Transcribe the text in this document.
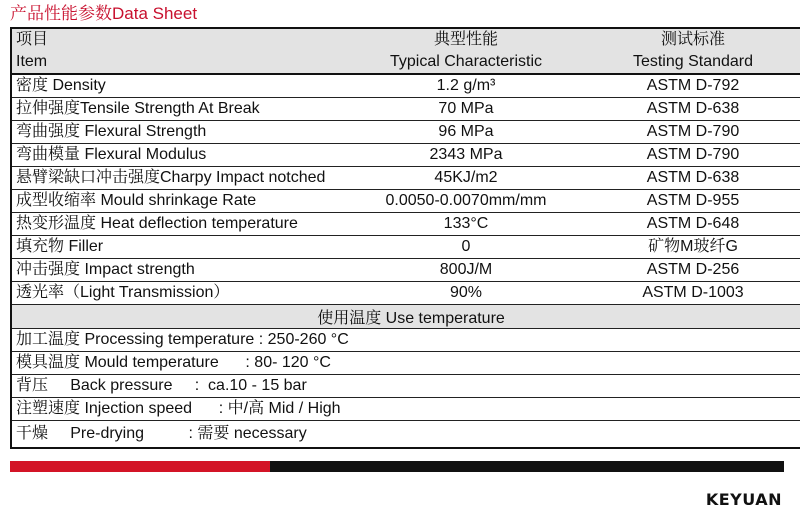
产品性能参数Data Sheet
项目	典型性能	测试标准
Item	Typical Characteristic	Testing Standard
密度 Density	1.2 g/m³	ASTM D-792
拉伸强度Tensile Strength At Break	70 MPa	ASTM D-638
弯曲强度 Flexural Strength	96 MPa	ASTM D-790
弯曲模量 Flexural Modulus	2343 MPa	ASTM D-790
悬臂梁缺口冲击强度Charpy Impact notched	45KJ/m2	ASTM D-638
成型收缩率 Mould shrinkage Rate	0.0050-0.0070mm/mm	ASTM D-955
热变形温度 Heat deflection temperature	133°C	ASTM D-648
填充物 Filler	0	矿物M玻纤G
冲击强度 Impact strength	800J/M	ASTM D-256
透光率（Light Transmission）	90%	ASTM D-1003
使用温度 Use temperature		
加工温度 Processing temperature : 250-260 °C		
模具温度 Mould temperature      : 80- 120 °C		
背压     Back pressure     :  ca.10 - 15 bar		
注塑速度 Injection speed      : 中/高 Mid / High		
干燥     Pre-drying          : 需要 necessary		
KEYUAN
